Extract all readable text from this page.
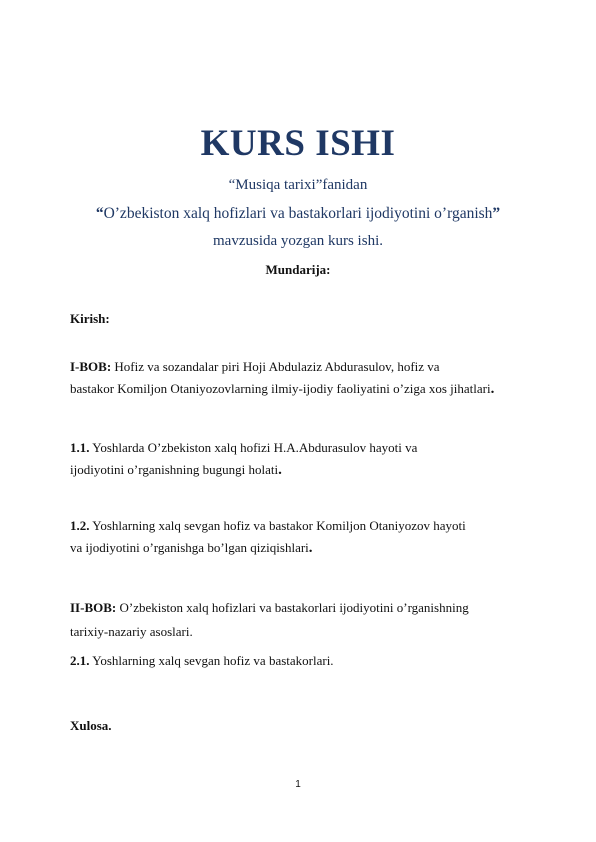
KURS ISHI
“Musiqa tarixi”fanidan
“O’zbekiston xalq hofizlari va bastakorlari ijodiyotini o’rganish”
mavzusida yozgan kurs ishi.
Mundarija:
Kirish:
I-BOB: Hofiz va sozandalar piri Hoji Abdulaziz Abdurasulov, hofiz va
bastakor Komiljon Otaniyozovlarning ilmiy-ijodiy faoliyatini o’ziga xos jihatlari.
1.1. Yoshlarda O’zbekiston xalq hofizi H.A.Abdurasulov hayoti va
ijodiyotini o’rganishning bugungi holati.
1.2. Yoshlarning xalq sevgan hofiz va bastakor Komiljon Otaniyozov hayoti
va ijodiyotini o’rganishga bo’lgan qiziqishlari.
II-BOB: O’zbekiston xalq hofizlari va bastakorlari ijodiyotini o’rganishning
tarixiy-nazariy asoslari.
2.1. Yoshlarning xalq sevgan hofiz va bastakorlari.
Xulosa.
1
